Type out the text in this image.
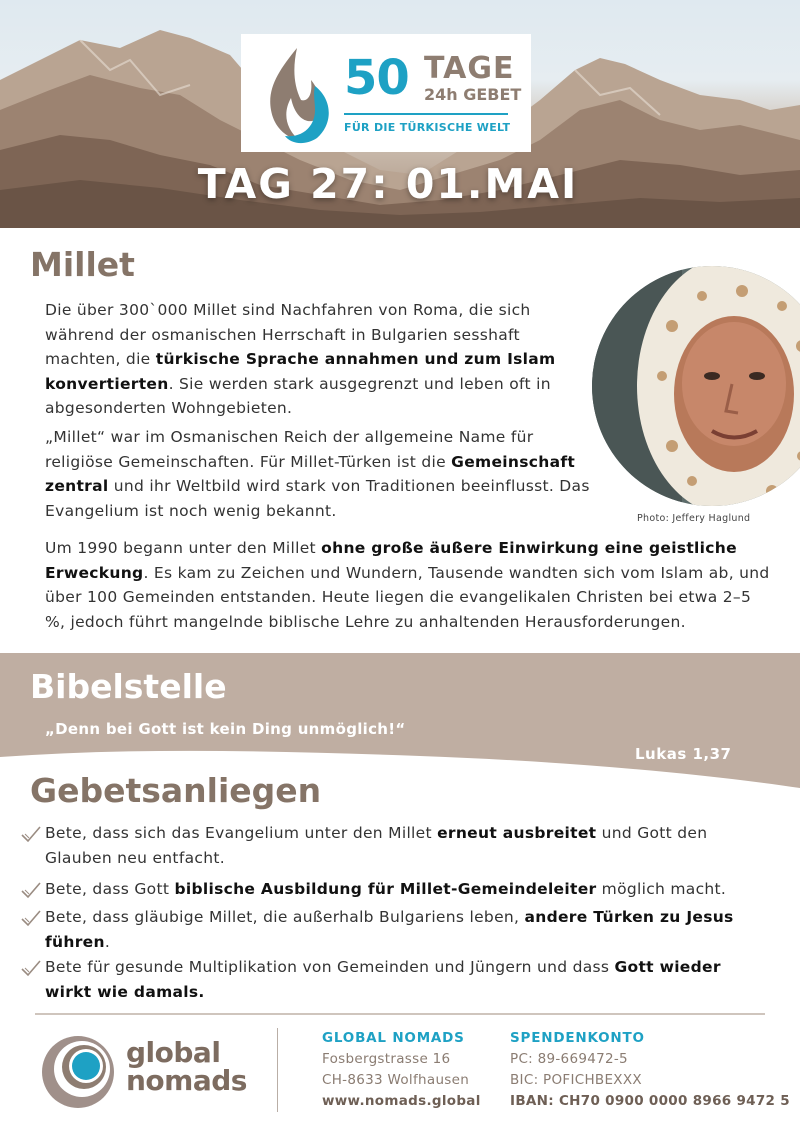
50 TAGE
24h GEBET
FÜR DIE TÜRKISCHE WELT
TAG 27: 01.MAI
Millet
Photo: Jeffery Haglund

Die über 300`000 Millet sind Nachfahren von Roma, die sich während der osmanischen Herrschaft in Bulgarien sesshaft machten, die türkische Sprache annahmen und zum Islam konvertierten. Sie werden stark ausgegrenzt und leben oft in abgesonderten Wohngebieten.

„Millet“ war im Osmanischen Reich der allgemeine Name für religiöse Gemeinschaften. Für Millet-Türken ist die Gemeinschaft zentral und ihr Weltbild wird stark von Traditionen beeinflusst. Das Evangelium ist noch wenig bekannt.

Um 1990 begann unter den Millet ohne große äußere Einwirkung eine geistliche Erweckung. Es kam zu Zeichen und Wundern, Tausende wandten sich vom Islam ab, und über 100 Gemeinden entstanden. Heute liegen die evangelikalen Christen bei etwa 2–5 %, jedoch führt mangelnde biblische Lehre zu anhaltenden Herausforderungen.

Bibelstelle
„Denn bei Gott ist kein Ding unmöglich!“
Lukas 1,37
Gebetsanliegen
Bete, dass sich das Evangelium unter den Millet erneut ausbreitet und Gott den Glauben neu entfacht.
Bete, dass Gott biblische Ausbildung für Millet-Gemeindeleiter möglich macht.
Bete, dass gläubige Millet, die außerhalb Bulgariens leben, andere Türken zu Jesus führen.
Bete für gesunde Multiplikation von Gemeinden und Jüngern und dass Gott wieder wirkt wie damals.
global
nomads
GLOBAL NOMADS
Fosbergstrasse 16
CH-8633 Wolfhausen
www.nomads.global
SPENDENKONTO
PC: 89-669472-5
BIC: POFICHBEXXX
IBAN: CH70 0900 0000 8966 9472 5
